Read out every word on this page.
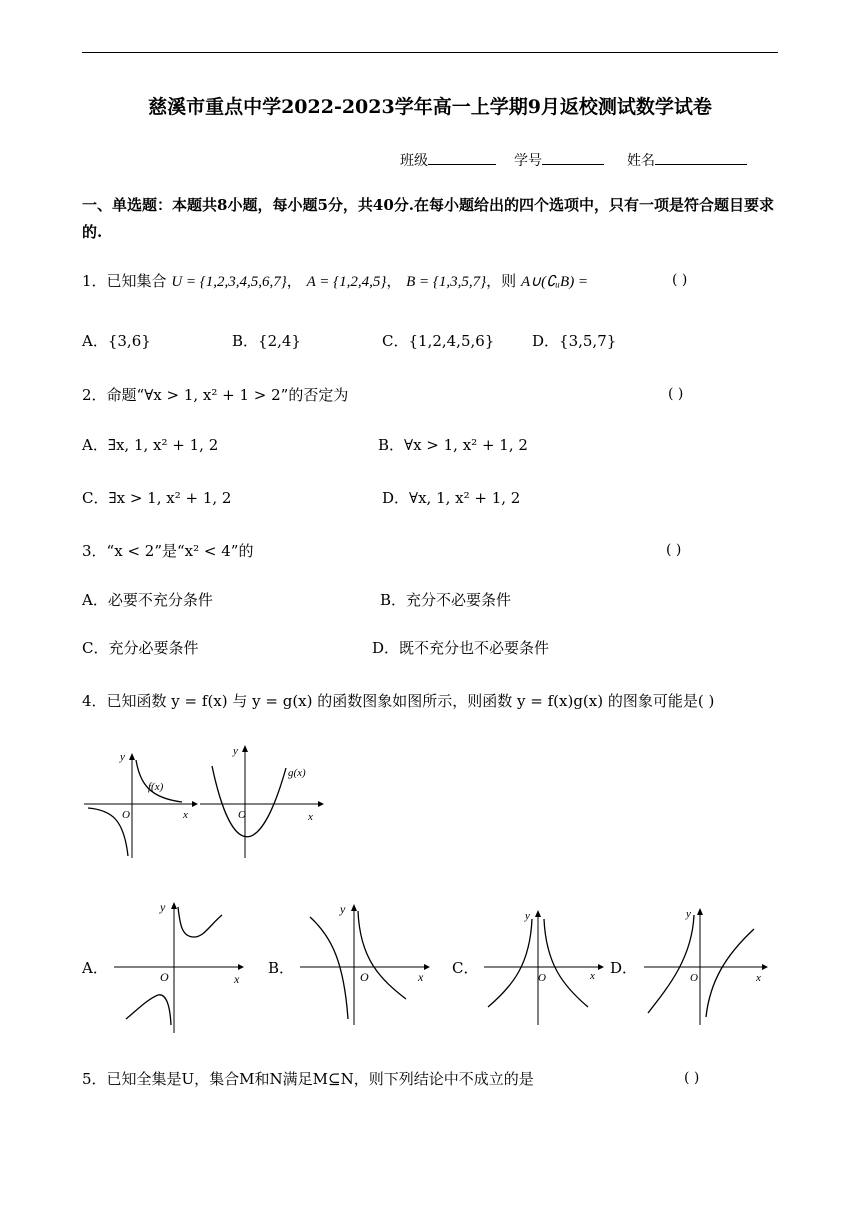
慈溪市重点中学2022-2023学年高一上学期9月返校测试数学试卷
班级	学号	姓名
一、单选题：本题共8小题，每小题5分，共40分.在每小题给出的四个选项中，只有一项是符合题目要求的.
1．已知集合 U = {1,2,3,4,5,6,7}， A = {1,2,4,5}， B = {1,3,5,7}，则 A∪(∁ᵤB) =	( )
A．{3,6}	B．{2,4}	C．{1,2,4,5,6}	D．{3,5,7}
2．命题“∀x > 1, x² + 1 > 2”的否定为	( )
A．∃x, 1, x² + 1, 2	B．∀x > 1, x² + 1, 2
C．∃x > 1, x² + 1, 2	D．∀x, 1, x² + 1, 2
3．“x < 2”是“x² < 4”的	( )
A．必要不充分条件	B．充分不必要条件
C．充分必要条件	D．既不充分也不必要条件
4．已知函数 y = f(x) 与 y = g(x) 的函数图象如图所示，则函数 y = f(x)g(x) 的图象可能是( )
y
f(x)
O	x
y
g(x)
O	x
A．
y
O	x
B．
y
O	x C．
y
O	x D．
y
O	x
5．已知全集是U，集合M和N满足M⊆N，则下列结论中不成立的是	( )
